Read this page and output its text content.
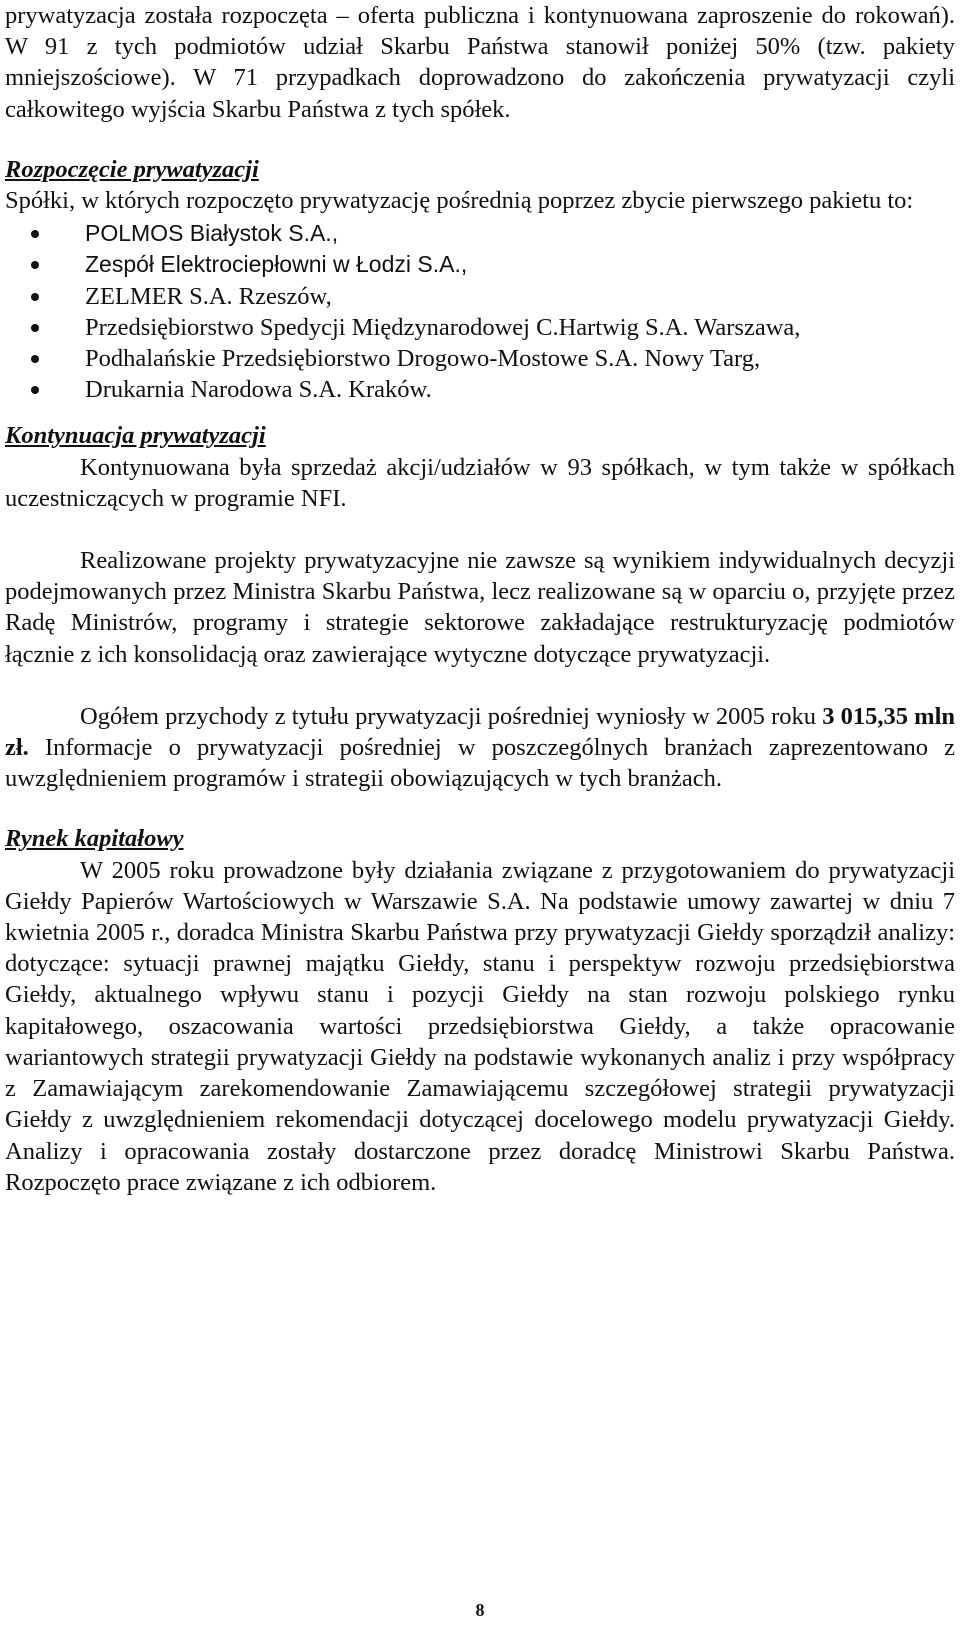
prywatyzacja została rozpoczęta – oferta publiczna i kontynuowana zaproszenie do rokowań). W 91 z tych podmiotów udział Skarbu Państwa stanowił poniżej 50% (tzw. pakiety mniejszościowe). W 71 przypadkach doprowadzono do zakończenia prywatyzacji czyli całkowitego wyjścia Skarbu Państwa z tych spółek.

Rozpoczęcie prywatyzacji

Spółki, w których rozpoczęto prywatyzację pośrednią poprzez zbycie pierwszego pakietu to:

POLMOS Białystok S.A.,
Zespół Elektrociepłowni w Łodzi S.A.,
ZELMER S.A. Rzeszów,
Przedsiębiorstwo Spedycji Międzynarodowej C.Hartwig S.A. Warszawa,
Podhalańskie Przedsiębiorstwo Drogowo-Mostowe S.A. Nowy Targ,
Drukarnia Narodowa S.A. Kraków.

Kontynuacja prywatyzacji

Kontynuowana była sprzedaż akcji/udziałów w 93 spółkach, w tym także w spółkach uczestniczących w programie NFI.

Realizowane projekty prywatyzacyjne nie zawsze są wynikiem indywidualnych decyzji podejmowanych przez Ministra Skarbu Państwa, lecz realizowane są w oparciu o, przyjęte przez Radę Ministrów, programy i strategie sektorowe zakładające restrukturyzację podmiotów łącznie z ich konsolidacją oraz zawierające wytyczne dotyczące prywatyzacji.

Ogółem przychody z tytułu prywatyzacji pośredniej wyniosły w 2005 roku 3 015,35 mln zł. Informacje o prywatyzacji pośredniej w poszczególnych branżach zaprezentowano z uwzględnieniem programów i strategii obowiązujących w tych branżach.

Rynek kapitałowy

W 2005 roku prowadzone były działania związane z przygotowaniem do prywatyzacji Giełdy Papierów Wartościowych w Warszawie S.A. Na podstawie umowy zawartej w dniu 7 kwietnia 2005 r., doradca Ministra Skarbu Państwa przy prywatyzacji Giełdy sporządził analizy: dotyczące: sytuacji prawnej majątku Giełdy, stanu i perspektyw rozwoju przedsiębiorstwa Giełdy, aktualnego wpływu stanu i pozycji Giełdy na stan rozwoju polskiego rynku kapitałowego, oszacowania wartości przedsiębiorstwa Giełdy, a także opracowanie wariantowych strategii prywatyzacji Giełdy na podstawie wykonanych analiz i przy współpracy z Zamawiającym zarekomendowanie Zamawiającemu szczegółowej strategii prywatyzacji Giełdy z uwzględnieniem rekomendacji dotyczącej docelowego modelu prywatyzacji Giełdy. Analizy i opracowania zostały dostarczone przez doradcę Ministrowi Skarbu Państwa. Rozpoczęto prace związane z ich odbiorem.

8
